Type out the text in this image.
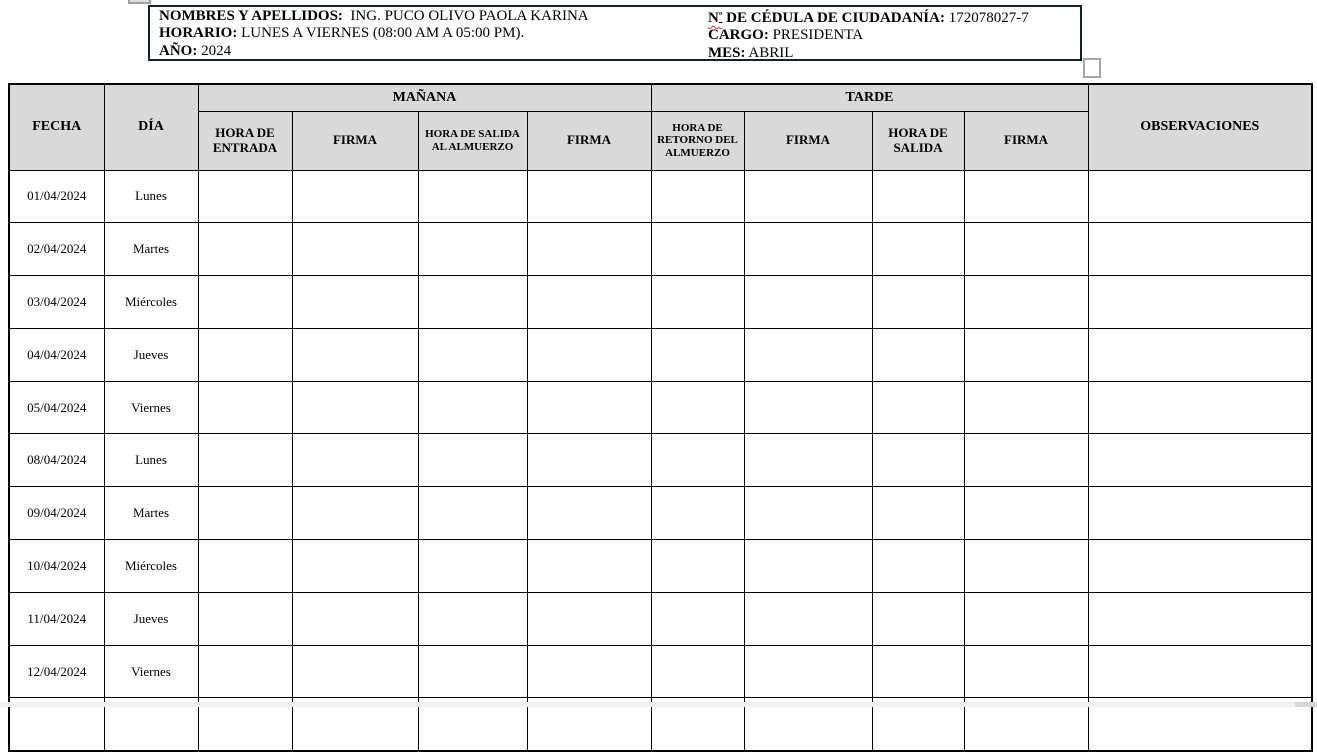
NOMBRES Y APELLIDOS:  ING. PUCO OLIVO PAOLA KARINA
HORARIO: LUNES A VIERNES (08:00 AM A 05:00 PM).
AÑO: 2024
$N^º$ DE CÉDULA DE CIUDADANÍA: 172078027-7
CARGO: PRESIDENTA
MES: ABRIL
FECHA	DÍA	MAÑANA				TARDE				OBSERVACIONES
		HORA DE ENTRADA	FIRMA	HORA DE SALIDA AL ALMUERZO	FIRMA	HORA DE RETORNO DEL ALMUERZO	FIRMA	HORA DE SALIDA	FIRMA	
01/04/2024	Lunes									
02/04/2024	Martes									
03/04/2024	Miércoles									
04/04/2024	Jueves									
05/04/2024	Viernes									
08/04/2024	Lunes									
09/04/2024	Martes									
10/04/2024	Miércoles									
11/04/2024	Jueves									
12/04/2024	Viernes									
